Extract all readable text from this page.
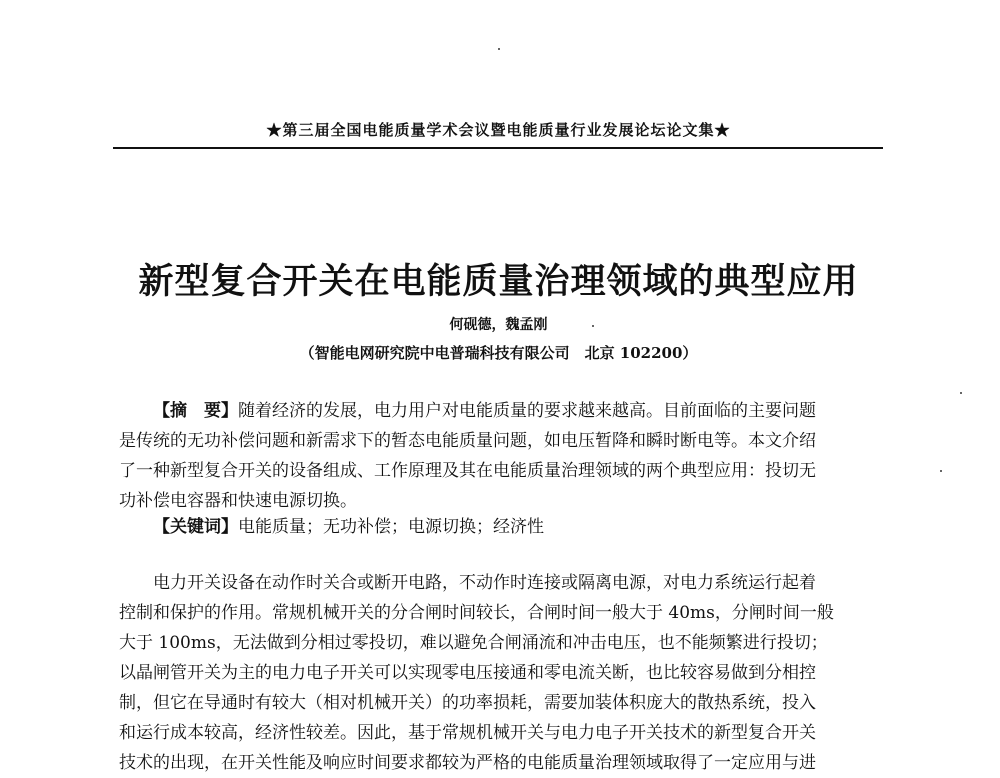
★第三届全国电能质量学术会议暨电能质量行业发展论坛论文集★
新型复合开关在电能质量治理领域的典型应用
何砚德，魏孟刚
（智能电网研究院中电普瑞科技有限公司　北京 102200）
【摘　要】随着经济的发展，电力用户对电能质量的要求越来越高。目前面临的主要问题
是传统的无功补偿问题和新需求下的暂态电能质量问题，如电压暂降和瞬时断电等。本文介绍
了一种新型复合开关的设备组成、工作原理及其在电能质量治理领域的两个典型应用：投切无
功补偿电容器和快速电源切换。
【关键词】电能质量；无功补偿；电源切换；经济性
电力开关设备在动作时关合或断开电路，不动作时连接或隔离电源，对电力系统运行起着
控制和保护的作用。常规机械开关的分合闸时间较长，合闸时间一般大于 40ms，分闸时间一般
大于 100ms，无法做到分相过零投切，难以避免合闸涌流和冲击电压，也不能频繁进行投切；
以晶闸管开关为主的电力电子开关可以实现零电压接通和零电流关断，也比较容易做到分相控
制，但它在导通时有较大（相对机械开关）的功率损耗，需要加装体积庞大的散热系统，投入
和运行成本较高，经济性较差。因此，基于常规机械开关与电力电子开关技术的新型复合开关
技术的出现，在开关性能及响应时间要求都较为严格的电能质量治理领域取得了一定应用与进
